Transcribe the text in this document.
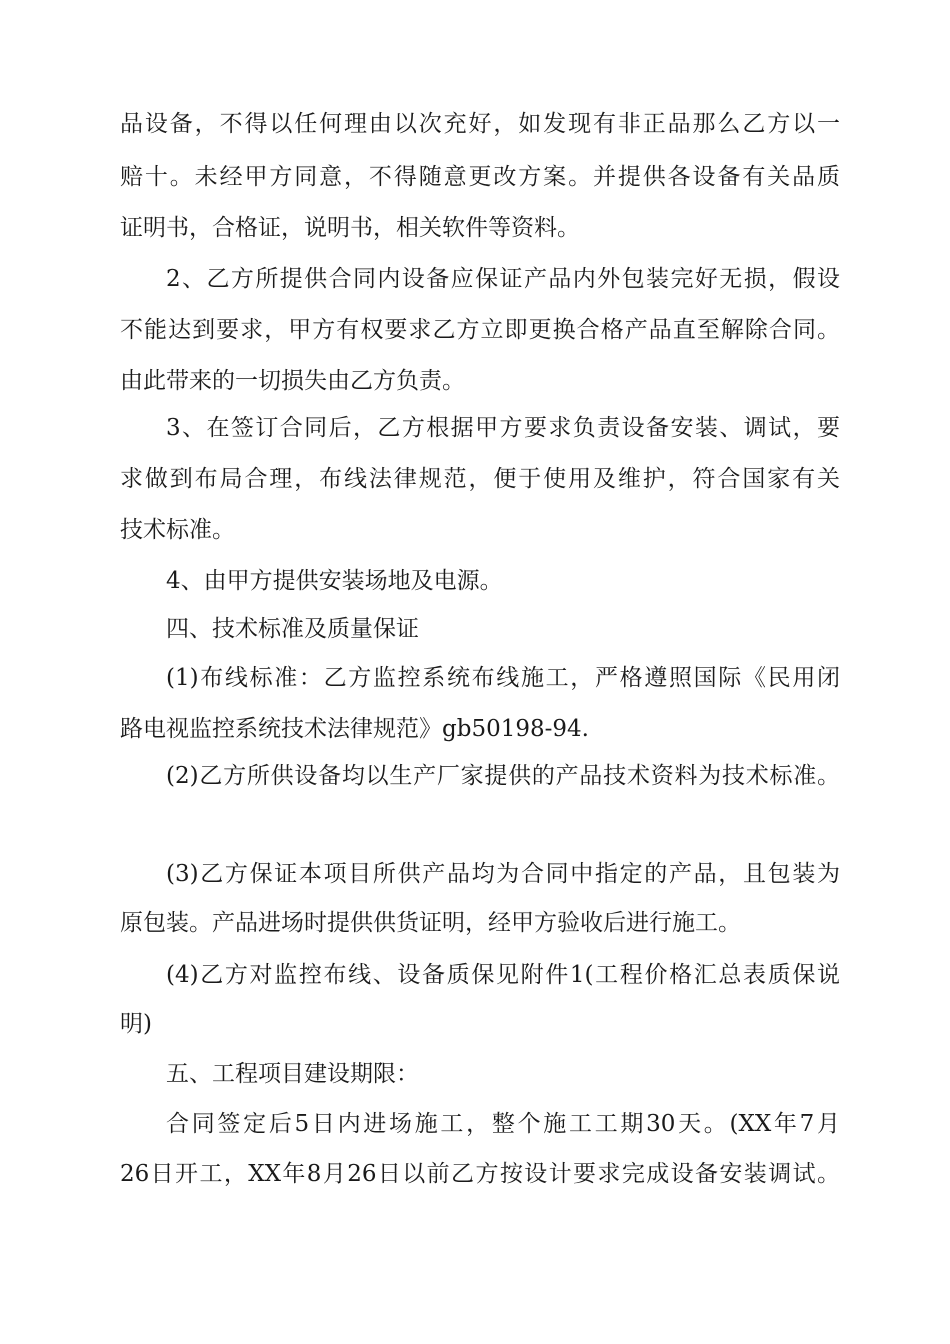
品设备，不得以任何理由以次充好，如发现有非正品那么乙方以一
赔十。未经甲方同意，不得随意更改方案。并提供各设备有关品质
证明书，合格证，说明书，相关软件等资料。
2、乙方所提供合同内设备应保证产品内外包装完好无损，假设
不能达到要求，甲方有权要求乙方立即更换合格产品直至解除合同。
由此带来的一切损失由乙方负责。
3、在签订合同后，乙方根据甲方要求负责设备安装、调试，要
求做到布局合理，布线法律规范，便于使用及维护，符合国家有关
技术标准。
4、由甲方提供安装场地及电源。
四、技术标准及质量保证
(1)布线标准：乙方监控系统布线施工，严格遵照国际《民用闭
路电视监控系统技术法律规范》gb50198-94.
(2)乙方所供设备均以生产厂家提供的产品技术资料为技术标准。
(3)乙方保证本项目所供产品均为合同中指定的产品，且包装为
原包装。产品进场时提供供货证明，经甲方验收后进行施工。
(4)乙方对监控布线、设备质保见附件1(工程价格汇总表质保说
明)
五、工程项目建设期限：
合同签定后5日内进场施工，整个施工工期30天。(XX年7月
26日开工，XX年8月26日以前乙方按设计要求完成设备安装调试。
